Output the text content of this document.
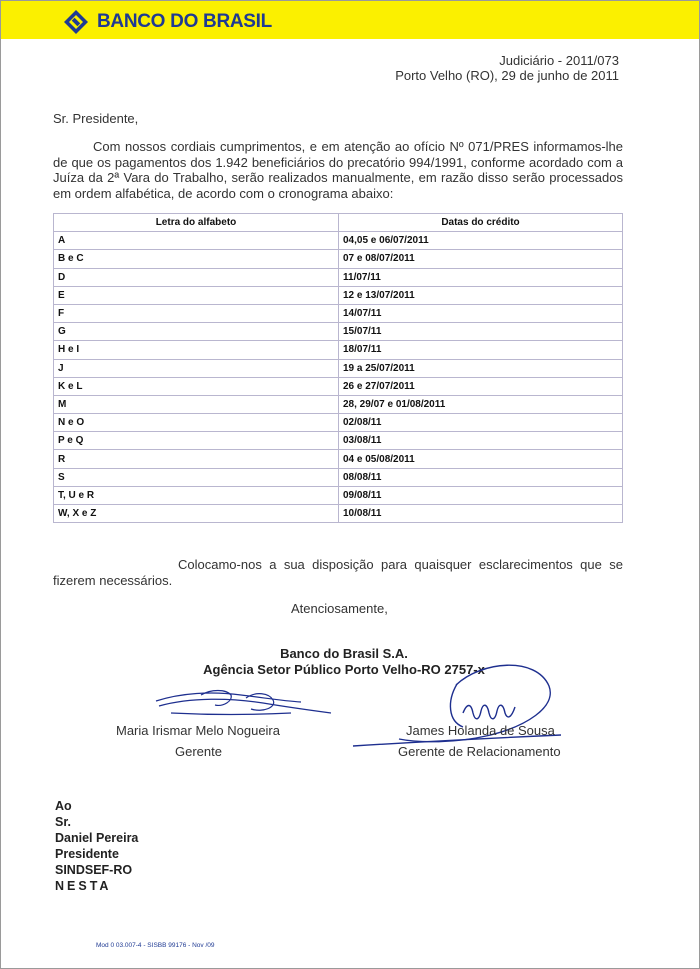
BANCO DO BRASIL
Judiciário - 2011/073
Porto Velho (RO), 29 de junho de 2011
Sr. Presidente,
Com nossos cordiais cumprimentos, e em atenção ao ofício Nº 071/PRES informamos-lhe de que os pagamentos dos 1.942 beneficiários do precatório 994/1991, conforme acordado com a Juíza da 2ª Vara do Trabalho, serão realizados manualmente, em razão disso serão processados em ordem alfabética, de acordo com o cronograma abaixo:
Letra do alfabeto	Datas do crédito
A	04,05 e 06/07/2011
B e C	07 e 08/07/2011
D	11/07/11
E	12 e 13/07/2011
F	14/07/11
G	15/07/11
H e I	18/07/11
J	19 a 25/07/2011
K e L	26 e 27/07/2011
M	28, 29/07 e 01/08/2011
N e O	02/08/11
P e Q	03/08/11
R	04 e 05/08/2011
S	08/08/11
T, U e R	09/08/11
W, X e Z	10/08/11
Colocamo-nos a sua disposição para quaisquer esclarecimentos que se fizerem necessários.
Atenciosamente,
Banco do Brasil S.A.
Agência Setor Público Porto Velho-RO 2757-x
Maria Irismar Melo Nogueira
Gerente
James Holanda de Sousa
Gerente de Relacionamento
Ao
Sr.
Daniel Pereira
Presidente
SINDSEF-RO
NESTA
Mod 0 03.007-4 - SISBB 99176 - Nov /09
